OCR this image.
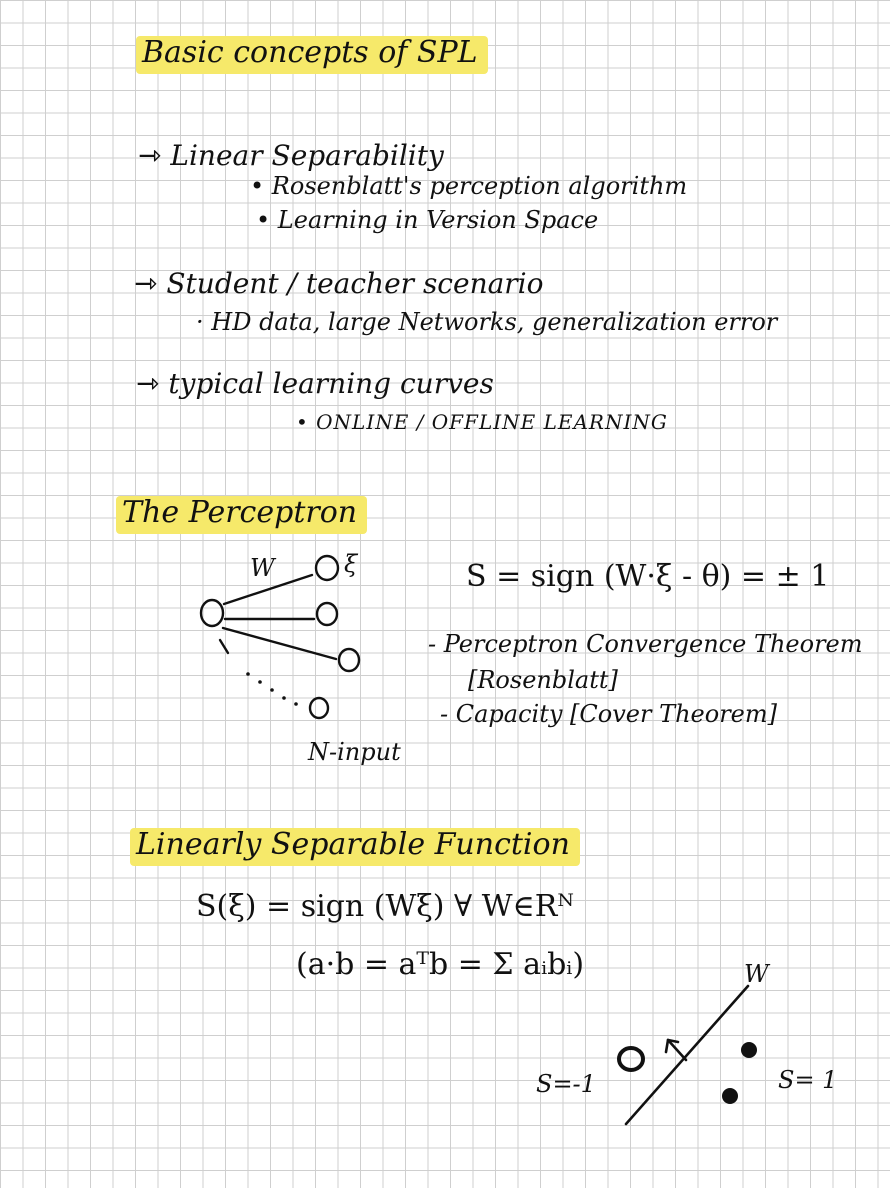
Basic concepts of SPL
⇾ Linear Separability
• Rosenblatt's perception algorithm
• Learning in Version Space
⇾ Student / teacher scenario
· HD data, large Networks, generalization error
⇾ typical learning curves
• ONLINE / OFFLINE LEARNING
The Perceptron
W	ξ
N-input
S = sign (W·ξ - θ) = ± 1
- Perceptron Convergence Theorem
[Rosenblatt]
- Capacity [Cover Theorem]
Linearly Separable Function
S(ξ) = sign (Wξ) ∀ W∈Rᴺ
(a·b = aᵀb = Σ aᵢbᵢ)	W
S=-1	S= 1
